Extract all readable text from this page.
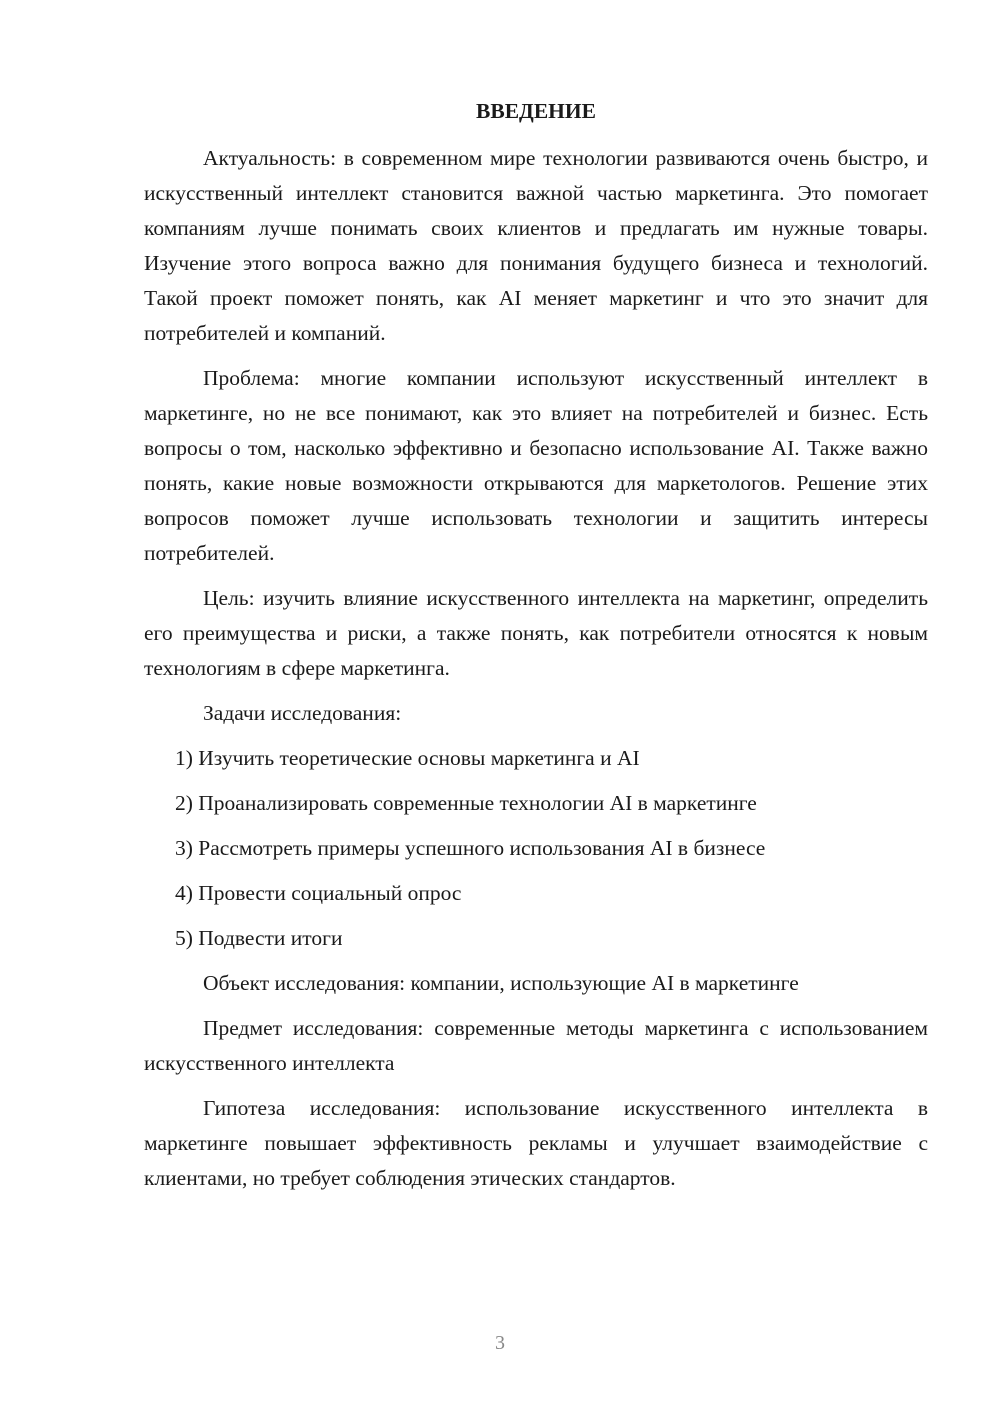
ВВЕДЕНИЕ

Актуальность: в современном мире технологии развиваются очень быстро, и искусственный интеллект становится важной частью маркетинга. Это помогает компаниям лучше понимать своих клиентов и предлагать им нужные товары. Изучение этого вопроса важно для понимания будущего бизнеса и технологий. Такой проект поможет понять, как AI меняет маркетинг и что это значит для потребителей и компаний.

Проблема: многие компании используют искусственный интеллект в маркетинге, но не все понимают, как это влияет на потребителей и бизнес. Есть вопросы о том, насколько эффективно и безопасно использование AI. Также важно понять, какие новые возможности открываются для маркетологов. Решение этих вопросов поможет лучше использовать технологии и защитить интересы потребителей.

Цель: изучить влияние искусственного интеллекта на маркетинг, определить его преимущества и риски, а также понять, как потребители относятся к новым технологиям в сфере маркетинга.

Задачи исследования:

1) Изучить теоретические основы маркетинга и AI
2) Проанализировать современные технологии AI в маркетинге
3) Рассмотреть примеры успешного использования AI в бизнесе
4) Провести социальный опрос
5) Подвести итоги

Объект исследования: компании, использующие AI в маркетинге

Предмет исследования: современные методы маркетинга с использованием искусственного интеллекта

Гипотеза исследования: использование искусственного интеллекта в маркетинге повышает эффективность рекламы и улучшает взаимодействие с клиентами, но требует соблюдения этических стандартов.

3
